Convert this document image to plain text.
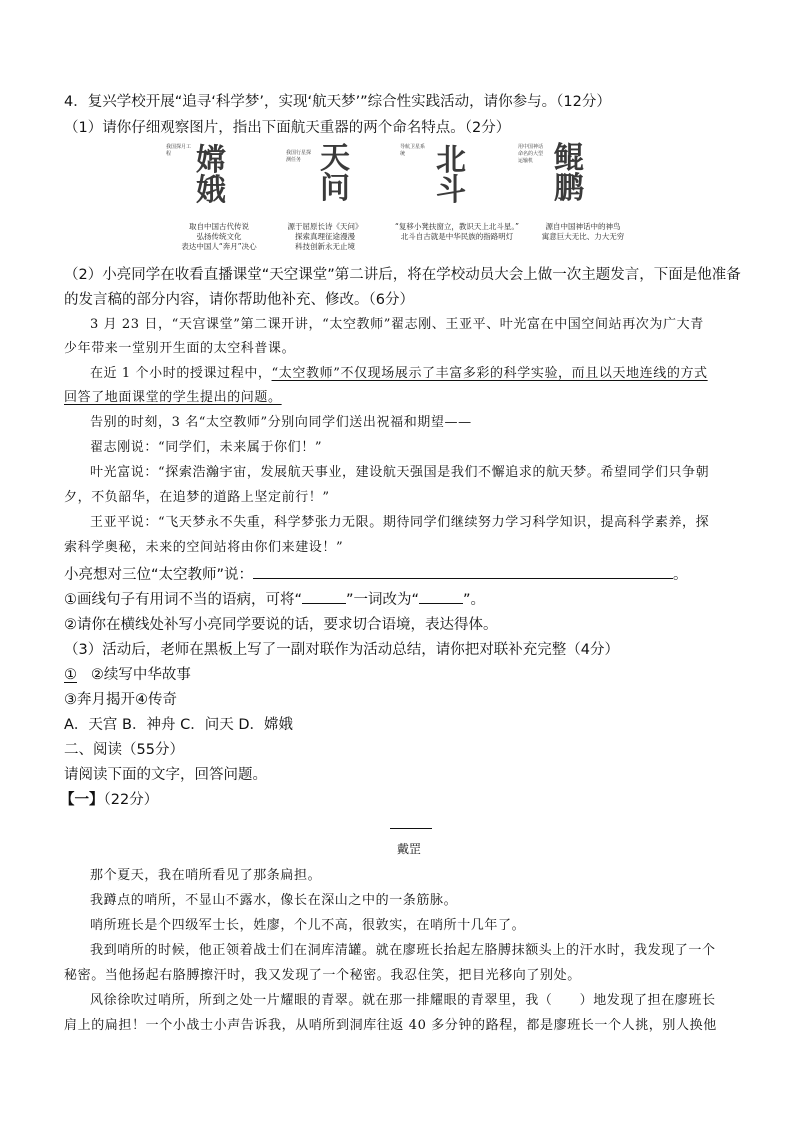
4．复兴学校开展“追寻‘科学梦’，实现‘航天梦’”综合性实践活动，请你参与。（12分）
（1）请你仔细观察图片，指出下面航天重器的两个命名特点。（2分）
我国探月工程 嫦娥
我国行星探测任务 天问
导航卫星系统	北斗
用中国神话命名的大型运输机 鲲鹏
取自中国古代传说
弘扬传统文化
表达中国人“奔月”决心
源于屈原长诗《天问》
探索真理征途漫漫
科技创新永无止境
“复移小凳扶窗立，教识天上北斗星。”
北斗自古就是中华民族的指路明灯
源自中国神话中的神鸟
寓意巨大无比、力大无穷
（2）小亮同学在收看直播课堂“天空课堂”第二讲后，将在学校动员大会上做一次主题发言，下面是他准备
的发言稿的部分内容，请你帮助他补充、修改。（6分）
3 月 23 日，“天宫课堂”第二课开讲，“太空教师”翟志刚、王亚平、叶光富在中国空间站再次为广大青
少年带来一堂别开生面的太空科普课。
在近 1 个小时的授课过程中，“太空教师”不仅现场展示了丰富多彩的科学实验，而且以天地连线的方式
回答了地面课堂的学生提出的问题。
告别的时刻，3 名“太空教师”分别向同学们送出祝福和期望——
翟志刚说：“同学们，未来属于你们！”
叶光富说：“探索浩瀚宇宙，发展航天事业，建设航天强国是我们不懈追求的航天梦。希望同学们只争朝
夕，不负韶华，在追梦的道路上坚定前行！”
王亚平说：“飞天梦永不失重，科学梦张力无限。期待同学们继续努力学习科学知识，提高科学素养，探
索科学奥秘，未来的空间站将由你们来建设！”
小亮想对三位“太空教师”说：	。
①画线句子有用词不当的语病，可将“	”一词改为“	”。
②请你在横线处补写小亮同学要说的话，要求切合语境，表达得体。
（3）活动后，老师在黑板上写了一副对联作为活动总结，请你把对联补充完整（4分）
① ②续写中华故事
③奔月揭开④传奇
A．天宫 B．神舟 C．问天 D．嫦娥
二、阅读（55分）
请阅读下面的文字，回答问题。
【一】（22分）
戴罡
那个夏天，我在哨所看见了那条扁担。
我蹲点的哨所，不显山不露水，像长在深山之中的一条筋脉。
哨所班长是个四级军士长，姓廖，个儿不高，很敦实，在哨所十几年了。
我到哨所的时候，他正领着战士们在洞库清罐。就在廖班长抬起左胳膊抹额头上的汗水时，我发现了一个
秘密。当他扬起右胳膊擦汗时，我又发现了一个秘密。我忍住笑，把目光移向了别处。
风徐徐吹过哨所，所到之处一片耀眼的青翠。就在那一排耀眼的青翠里，我（　　）地发现了担在廖班长
肩上的扁担！一个小战士小声告诉我，从哨所到洞库往返 40 多分钟的路程，都是廖班长一个人挑，别人换他
